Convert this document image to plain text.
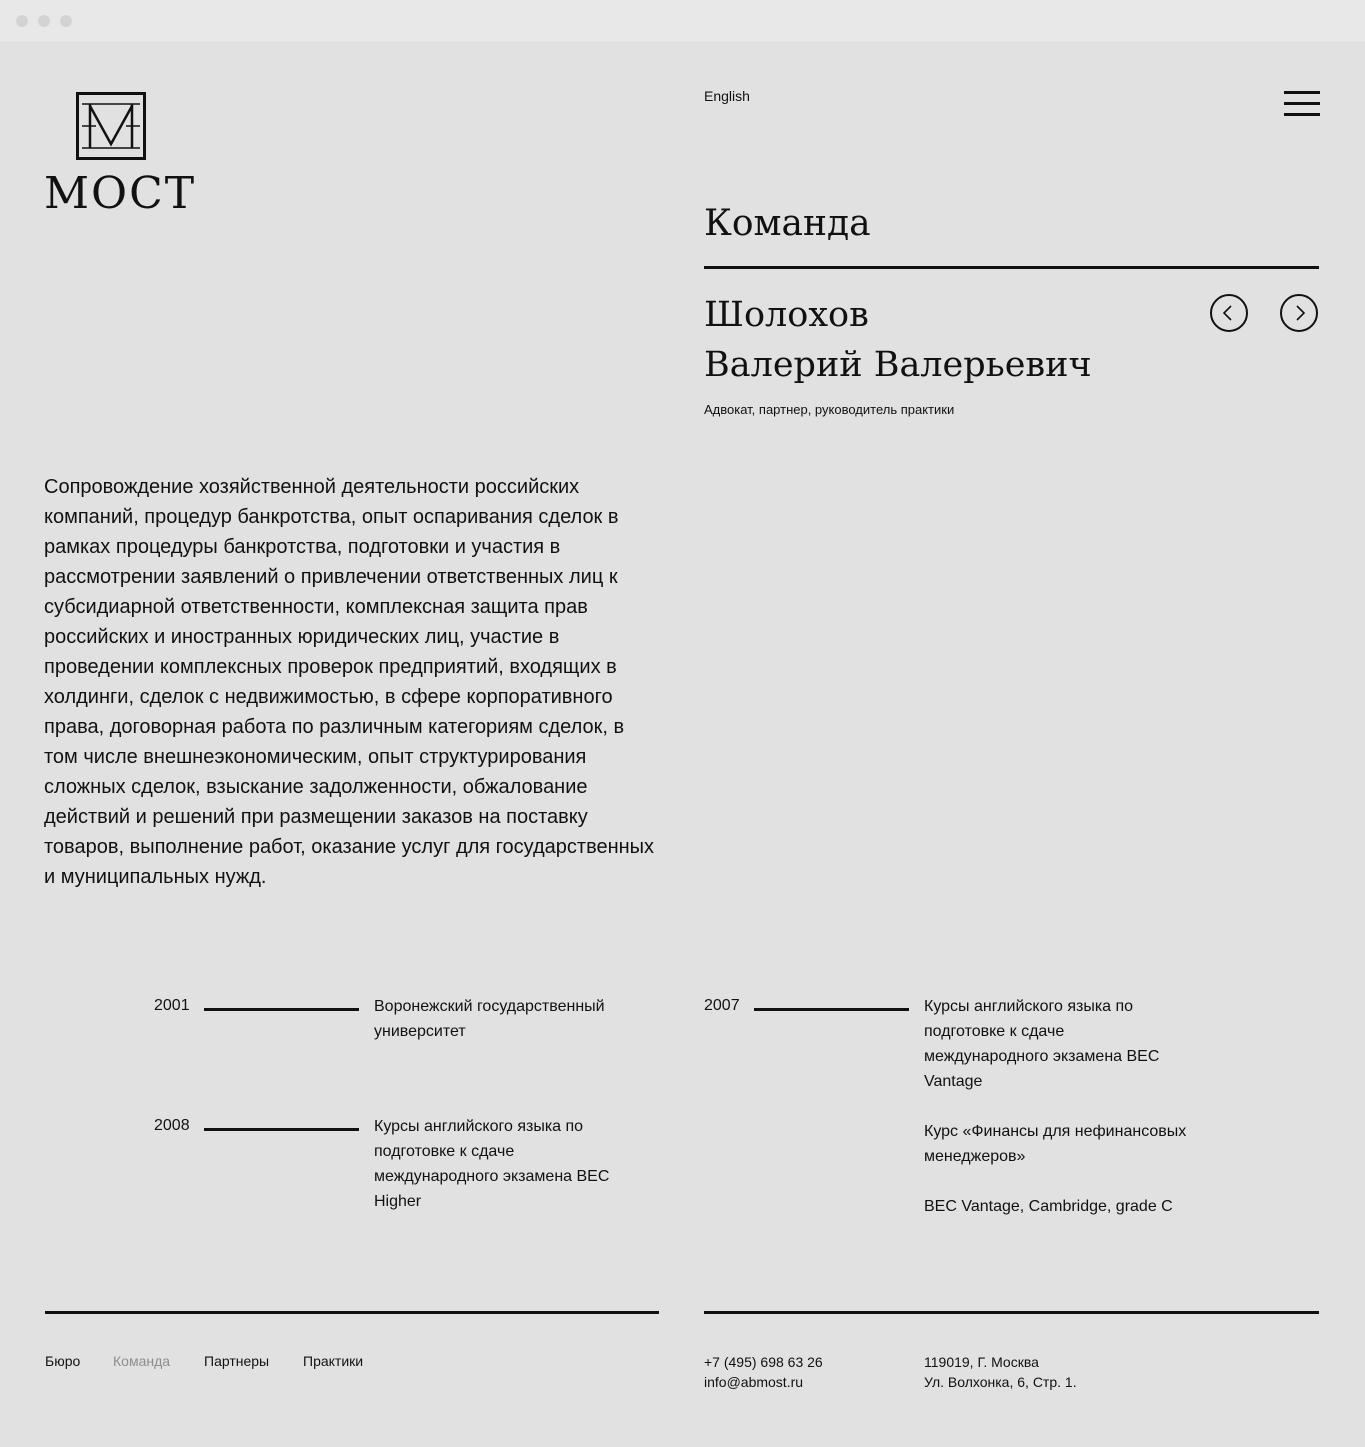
МОСТ
English
Команда
Шолохов
Валерий Валерьевич
Адвокат, партнер, руководитель практики
Сопровождение хозяйственной деятельности российских компаний, процедур банкротства, опыт оспаривания сделок в рамках процедуры банкротства, подготовки и участия в рассмотрении заявлений о привлечении ответственных лиц к субсидиарной ответственности, комплексная защита прав российских и иностранных юридических лиц, участие в проведении комплексных проверок предприятий, входящих в холдинги, сделок с недвижимостью, в сфере корпоративного права, договорная работа по различным категориям сделок, в том числе внешнеэкономическим, опыт структурирования сложных сделок, взыскание задолженности, обжалование действий и решений при размещении заказов на поставку товаров, выполнение работ, оказание услуг для государственных и муниципальных нужд.
2001	Воронежский государственный университет
2008	Курсы английского языка по подготовке к сдаче международного экзамена BEC Higher
2007	Курсы английского языка по подготовке к сдаче международного экзамена BEC Vantage
Курс «Финансы для нефинансовых менеджеров»
BEC Vantage, Cambridge, grade C
Бюро Команда Партнеры Практики	+7 (495) 698 63 26
info@abmost.ru
119019, Г. Москва
Ул. Волхонка, 6, Стр. 1.
